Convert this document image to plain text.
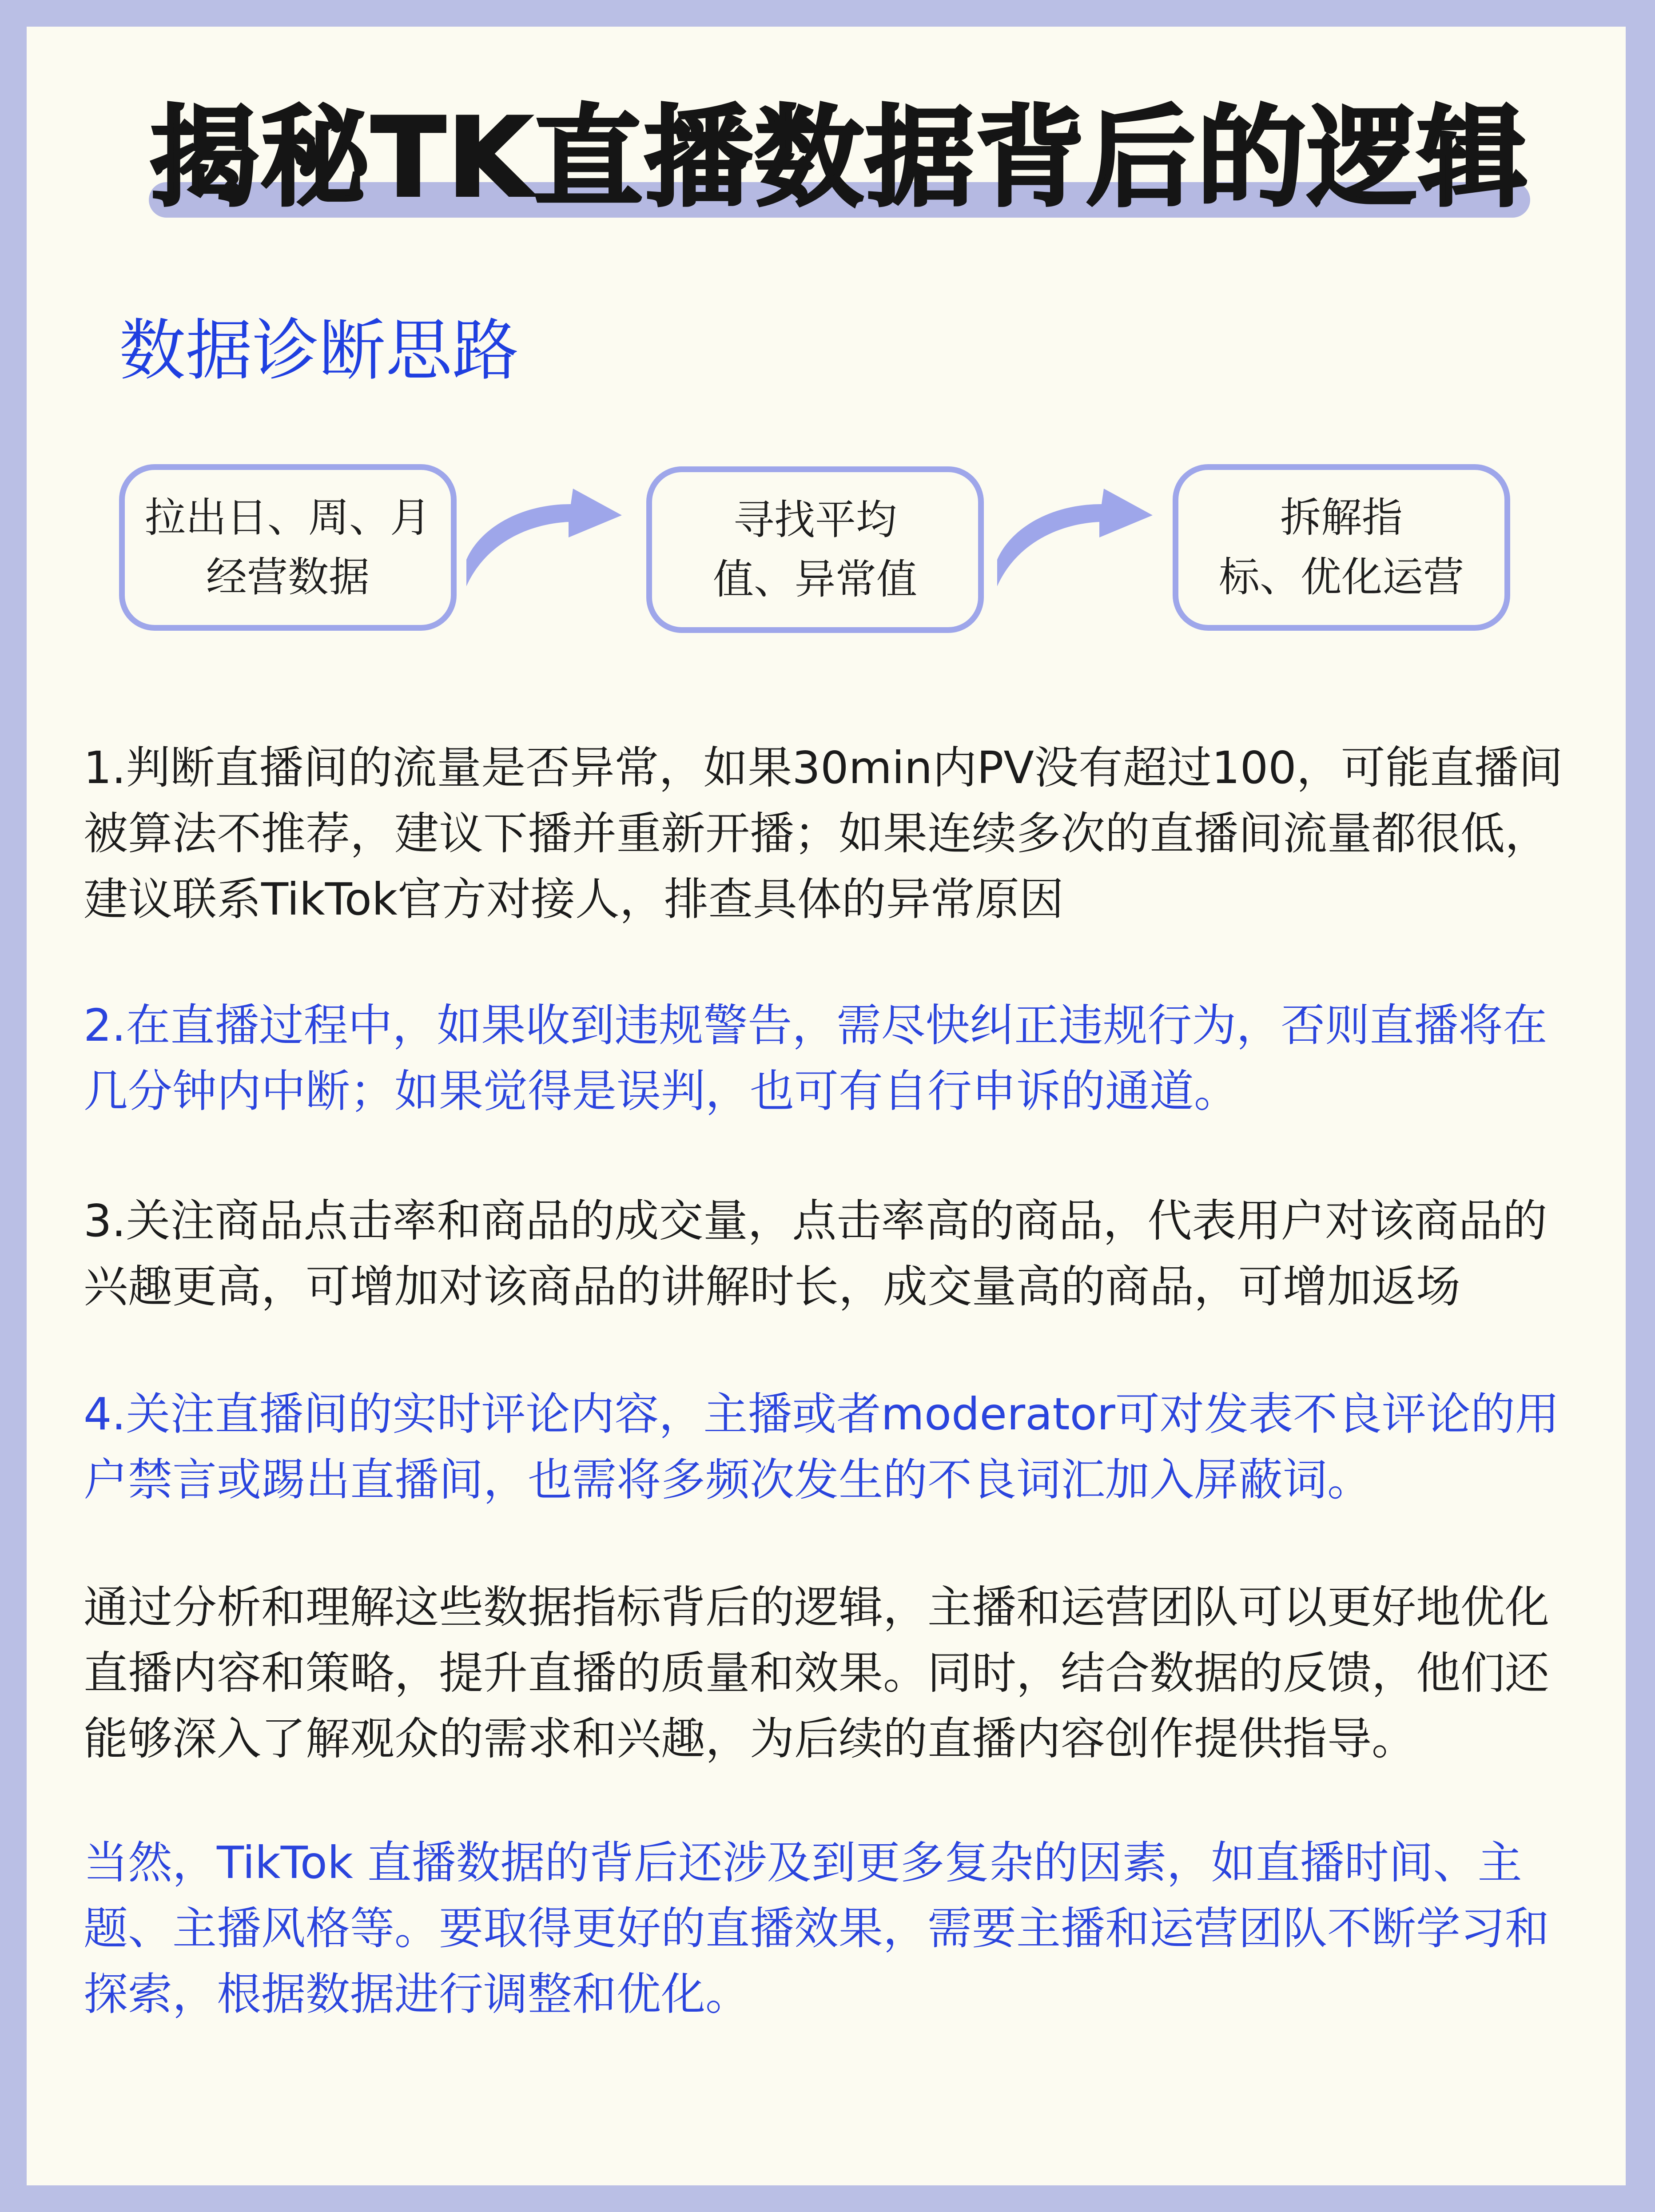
揭秘TK直播数据背后的逻辑
数据诊断思路
拉出日、周、月
经营数据
寻找平均
值、异常值
拆解指
标、优化运营

1.判断直播间的流量是否异常，如果30min内PV没有超过100，可能直播间被算法不推荐，建议下播并重新开播；如果连续多次的直播间流量都很低，建议联系TikTok官方对接人，排查具体的异常原因

2.在直播过程中，如果收到违规警告，需尽快纠正违规行为，否则直播将在几分钟内中断；如果觉得是误判，也可有自行申诉的通道。

3.关注商品点击率和商品的成交量，点击率高的商品，代表用户对该商品的兴趣更高，可增加对该商品的讲解时长，成交量高的商品，可增加返场

4.关注直播间的实时评论内容，主播或者moderator可对发表不良评论的用户禁言或踢出直播间，也需将多频次发生的不良词汇加入屏蔽词。

通过分析和理解这些数据指标背后的逻辑，主播和运营团队可以更好地优化直播内容和策略，提升直播的质量和效果。同时，结合数据的反馈，他们还能够深入了解观众的需求和兴趣，为后续的直播内容创作提供指导。

当然，TikTok 直播数据的背后还涉及到更多复杂的因素，如直播时间、主题、主播风格等。要取得更好的直播效果，需要主播和运营团队不断学习和探索，根据数据进行调整和优化。
